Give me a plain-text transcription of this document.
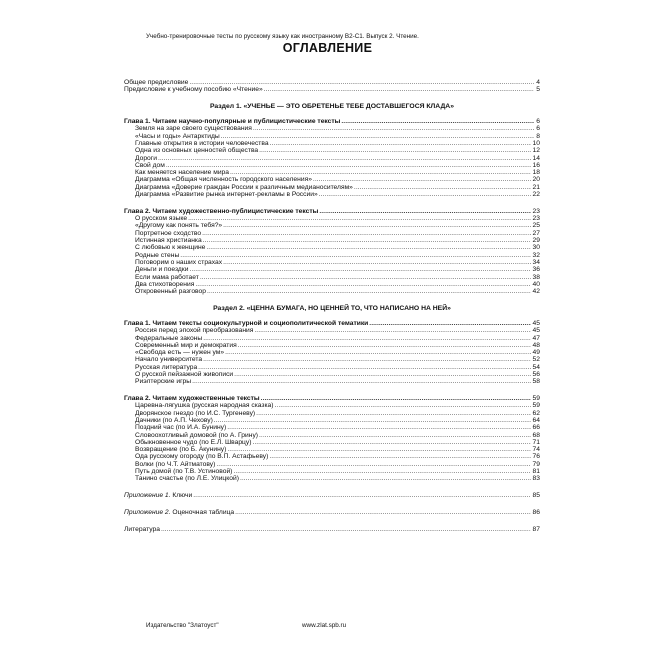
Учебно-тренировочные тесты по русскому языку как иностранному В2-С1. Выпуск 2. Чтение.
ОГЛАВЛЕНИЕ
Общее предисловие . . .	4
Предисловие к учебному пособию «Чтение» . . .	5
Раздел 1. «УЧЕНЬЕ — ЭТО ОБРЕТЕНЬЕ ТЕБЕ ДОСТАВШЕГОСЯ КЛАДА»
Глава 1. Читаем научно-популярные и публицистические тексты . . .	6
Земля на заре своего существования . . .	6
«Часы и годы» Антарктиды . . .	8
Главные открытия в истории человечества . . .	10
Одна из основных ценностей общества . . .	12
Дороги . . .	14
Свой дом . . .	16
Как меняется население мира . . .	18
Диаграмма «Общая численность городского населения» . . .	20
Диаграмма «Доверие граждан России к различным медианосителям» . . .	21
Диаграмма «Развитие рынка интернет-рекламы в России» . . .	22
Глава 2. Читаем художественно-публицистические тексты . . .	23
О русском языке . . .	23
«Другому как понять тебя?» . . .	25
Портретное сходство . . .	27
Истинная христианка . . .	29
С любовью к женщине . . .	30
Родные стены . . .	32
Поговорим о наших страхах . . .	34
Деньги и поездки . . .	36
Если мама работает . . .	38
Два стихотворения . . .	40
Откровенный разговор . . .	42
Раздел 2. «ЦЕННА БУМАГА, НО ЦЕННЕЙ ТО, ЧТО НАПИСАНО НА НЕЙ»
Глава 1. Читаем тексты социокультурной и социополитической тематики . . .	45
Россия перед эпохой преобразования . . .	45
Федеральные законы . . .	47
Современный мир и демократия . . .	48
«Свобода есть — нужен ум» . . .	49
Начало университета . . .	52
Русская литература . . .	54
О русской пейзажной живописи . . .	56
Риэлтерские игры . . .	58
Глава 2. Читаем художественные тексты . . .	59
Царевна-лягушка (русская народная сказка) . . .	59
Дворянское гнездо (по И.С. Тургеневу) . . .	62
Дачники (по А.П. Чехову) . . .	64
Поздний час (по И.А. Бунину) . . .	66
Словоохотливый домовой (по А. Грину) . . .	68
Обыкновенное чудо (по Е.Л. Шварцу) . . .	71
Возвращение (по Б. Акунину) . . .	74
Ода русскому огороду (по В.П. Астафьеву) . . .	76
Волки (по Ч.Т. Айтматову) . . .	79
Путь домой (по Т.В. Устиновой) . . .	81
Танино счастье (по Л.Е. Улицкой) . . .	83
Приложение 1. Ключи . . .	85
Приложение 2. Оценочная таблица . . .	86
Литература . . .	87
Издательство "Златоуст"	www.zlat.spb.ru
